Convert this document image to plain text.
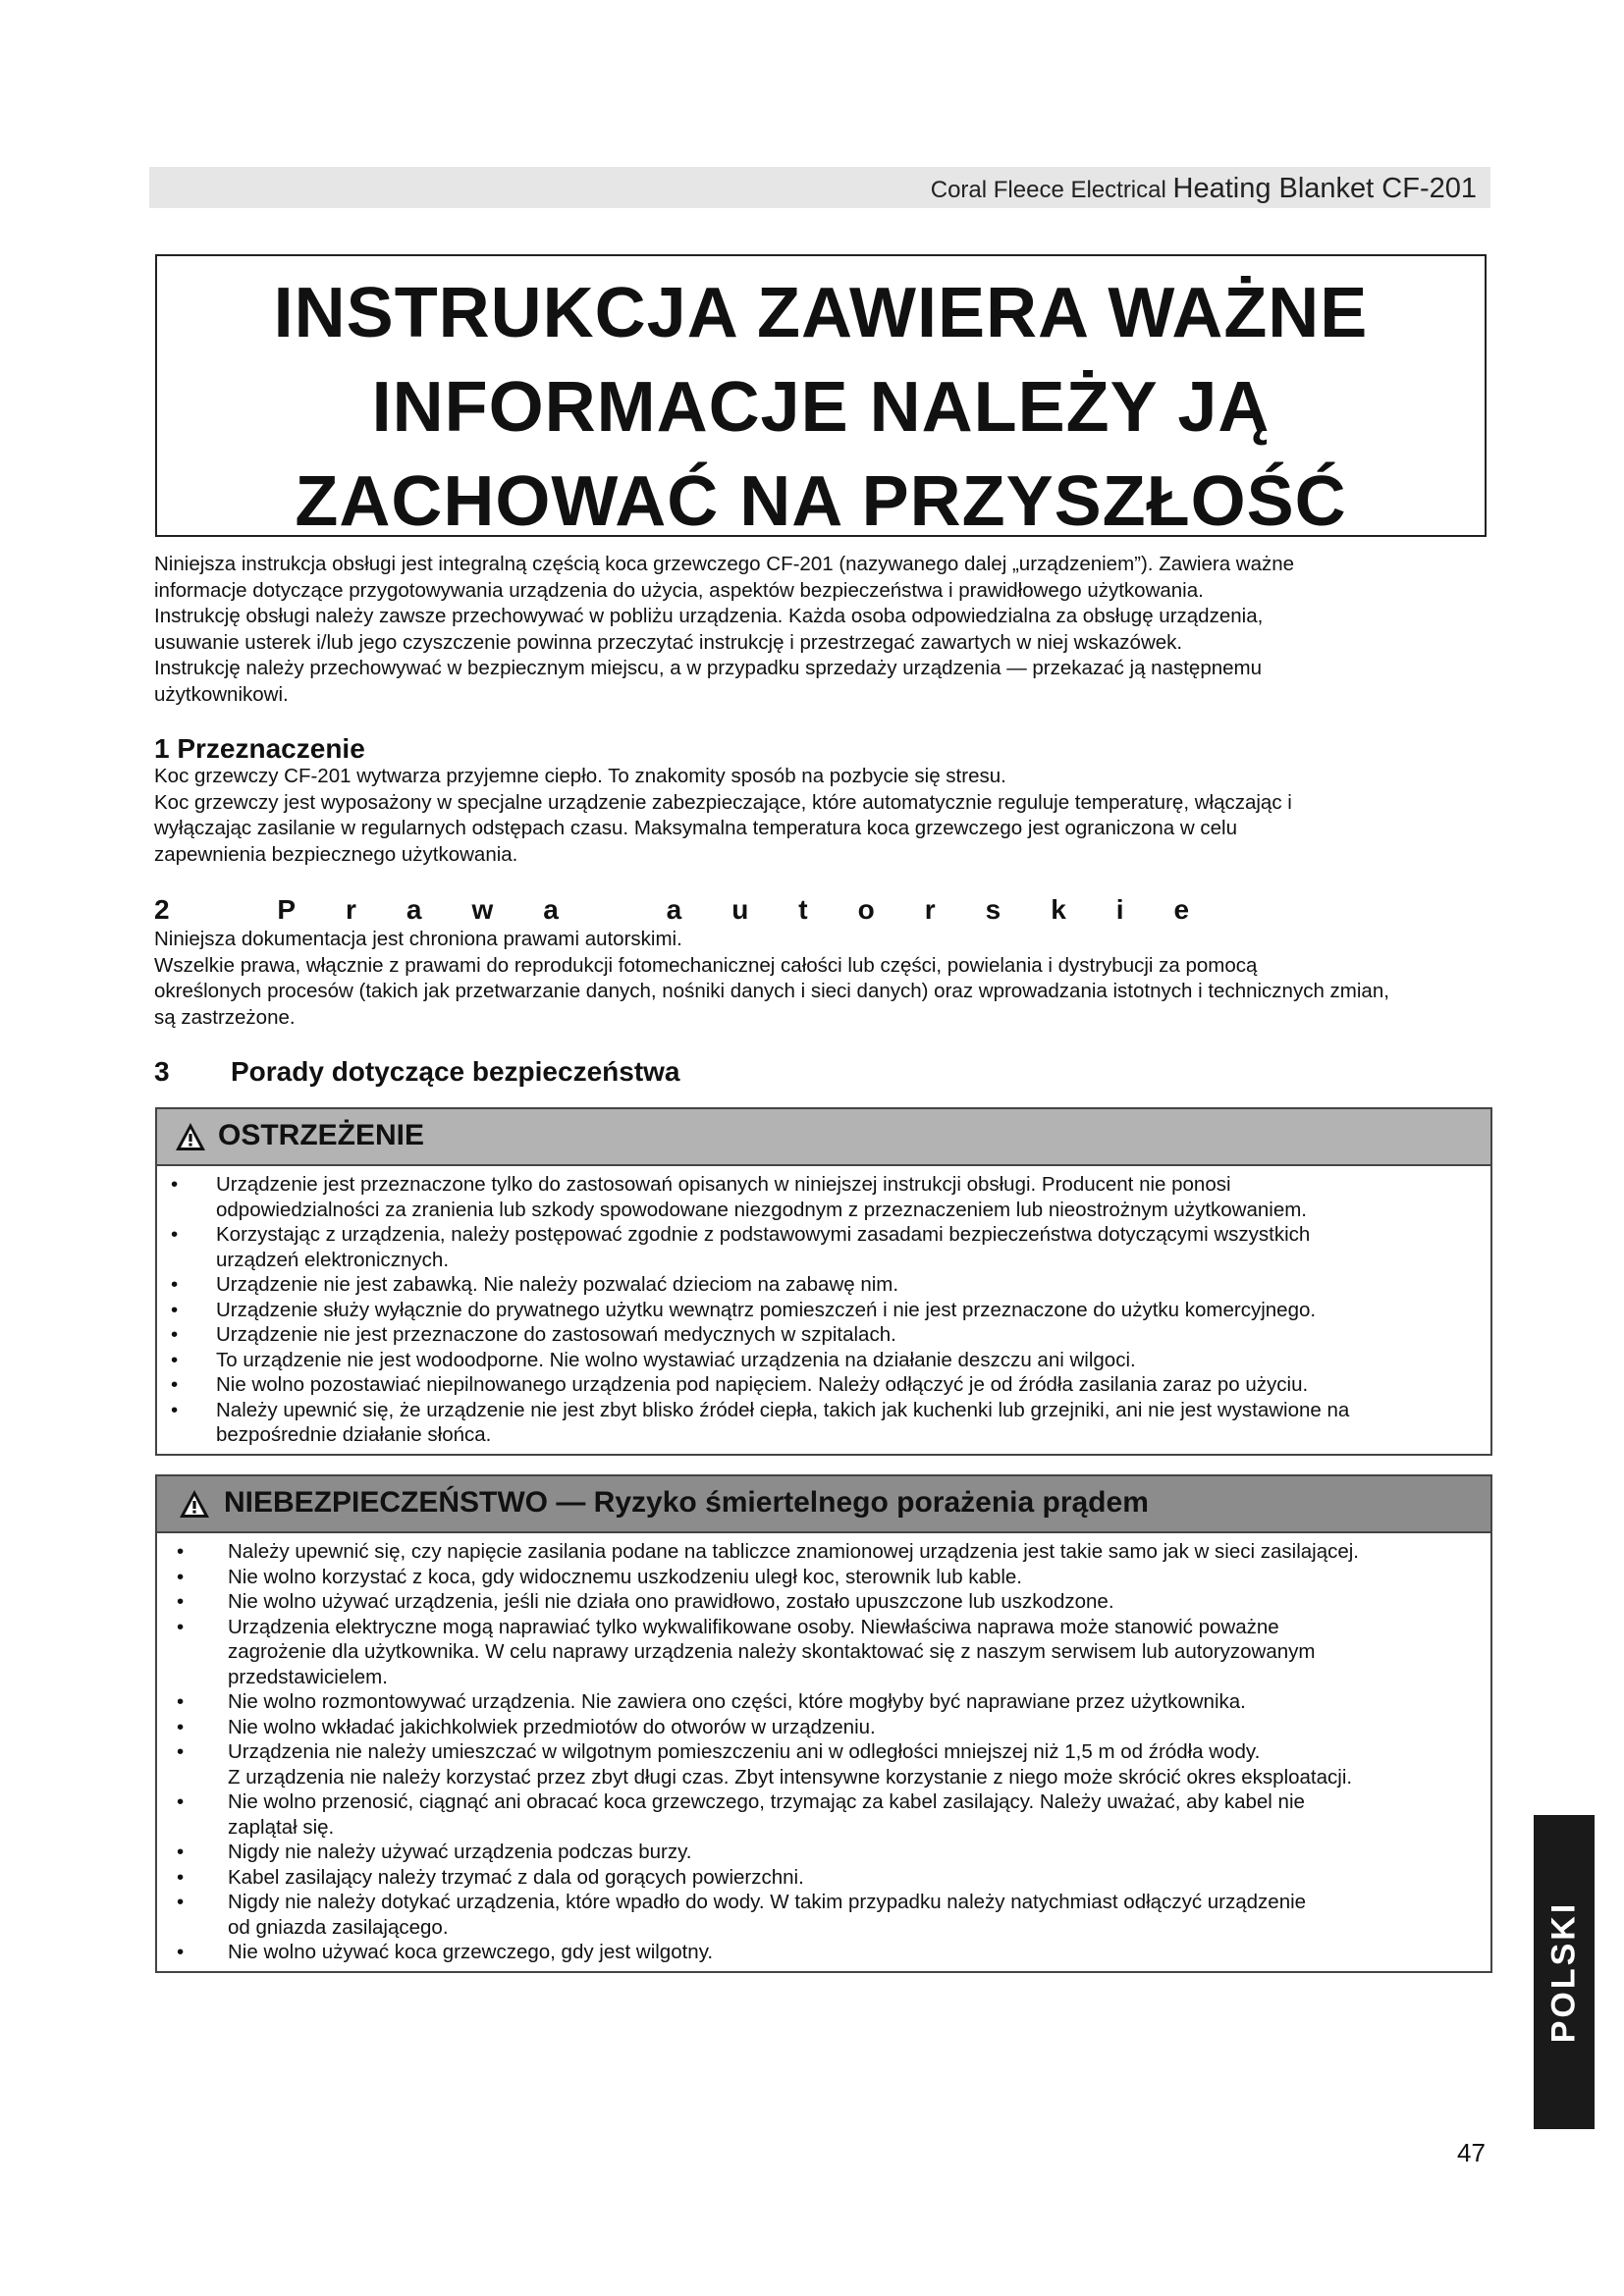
Coral Fleece Electrical Heating Blanket CF-201
INSTRUKCJA ZAWIERA WAŻNE
INFORMACJE NALEŻY JĄ
ZACHOWAĆ NA PRZYSZŁOŚĆ
Niniejsza instrukcja obsługi jest integralną częścią koca grzewczego CF-201 (nazywanego dalej „urządzeniem”). Zawiera ważne
informacje dotyczące przygotowywania urządzenia do użycia, aspektów bezpieczeństwa i prawidłowego użytkowania.
Instrukcję obsługi należy zawsze przechowywać w pobliżu urządzenia. Każda osoba odpowiedzialna za obsługę urządzenia,
usuwanie usterek i/lub jego czyszczenie powinna przeczytać instrukcję i przestrzegać zawartych w niej wskazówek.
Instrukcję należy przechowywać w bezpiecznym miejscu, a w przypadku sprzedaży urządzenia — przekazać ją następnemu
użytkownikowi.
1 Przeznaczenie
Koc grzewczy CF-201 wytwarza przyjemne ciepło. To znakomity sposób na pozbycie się stresu.
Koc grzewczy jest wyposażony w specjalne urządzenie zabezpieczające, które automatycznie reguluje temperaturę, włączając i
wyłączając zasilanie w regularnych odstępach czasu. Maksymalna temperatura koca grzewczego jest ograniczona w celu
zapewnienia bezpiecznego użytkowania.
2 Prawa autorskie
Niniejsza dokumentacja jest chroniona prawami autorskimi.
Wszelkie prawa, włącznie z prawami do reprodukcji fotomechanicznej całości lub części, powielania i dystrybucji za pomocą
określonych procesów (takich jak przetwarzanie danych, nośniki danych i sieci danych) oraz wprowadzania istotnych i technicznych zmian,
są zastrzeżone.
3 Porady dotyczące bezpieczeństwa
OSTRZEŻENIE
• Urządzenie jest przeznaczone tylko do zastosowań opisanych w niniejszej instrukcji obsługi. Producent nie ponosi
odpowiedzialności za zranienia lub szkody spowodowane niezgodnym z przeznaczeniem lub nieostrożnym użytkowaniem.
• Korzystając z urządzenia, należy postępować zgodnie z podstawowymi zasadami bezpieczeństwa dotyczącymi wszystkich
urządzeń elektronicznych.
• Urządzenie nie jest zabawką. Nie należy pozwalać dzieciom na zabawę nim.
• Urządzenie służy wyłącznie do prywatnego użytku wewnątrz pomieszczeń i nie jest przeznaczone do użytku komercyjnego.
• Urządzenie nie jest przeznaczone do zastosowań medycznych w szpitalach.
• To urządzenie nie jest wodoodporne. Nie wolno wystawiać urządzenia na działanie deszczu ani wilgoci.
• Nie wolno pozostawiać niepilnowanego urządzenia pod napięciem. Należy odłączyć je od źródła zasilania zaraz po użyciu.
• Należy upewnić się, że urządzenie nie jest zbyt blisko źródeł ciepła, takich jak kuchenki lub grzejniki, ani nie jest wystawione na
bezpośrednie działanie słońca.
NIEBEZPIECZEŃSTWO — Ryzyko śmiertelnego porażenia prądem
• Należy upewnić się, czy napięcie zasilania podane na tabliczce znamionowej urządzenia jest takie samo jak w sieci zasilającej.
• Nie wolno korzystać z koca, gdy widocznemu uszkodzeniu uległ koc, sterownik lub kable.
• Nie wolno używać urządzenia, jeśli nie działa ono prawidłowo, zostało upuszczone lub uszkodzone.
• Urządzenia elektryczne mogą naprawiać tylko wykwalifikowane osoby. Niewłaściwa naprawa może stanowić poważne
zagrożenie dla użytkownika. W celu naprawy urządzenia należy skontaktować się z naszym serwisem lub autoryzowanym
przedstawicielem.
• Nie wolno rozmontowywać urządzenia. Nie zawiera ono części, które mogłyby być naprawiane przez użytkownika.
• Nie wolno wkładać jakichkolwiek przedmiotów do otworów w urządzeniu.
• Urządzenia nie należy umieszczać w wilgotnym pomieszczeniu ani w odległości mniejszej niż 1,5 m od źródła wody.
Z urządzenia nie należy korzystać przez zbyt długi czas. Zbyt intensywne korzystanie z niego może skrócić okres eksploatacji.
• Nie wolno przenosić, ciągnąć ani obracać koca grzewczego, trzymając za kabel zasilający. Należy uważać, aby kabel nie
zaplątał się.
• Nigdy nie należy używać urządzenia podczas burzy.
• Kabel zasilający należy trzymać z dala od gorących powierzchni.
• Nigdy nie należy dotykać urządzenia, które wpadło do wody. W takim przypadku należy natychmiast odłączyć urządzenie
od gniazda zasilającego.
• Nie wolno używać koca grzewczego, gdy jest wilgotny.	POLSKI
47
